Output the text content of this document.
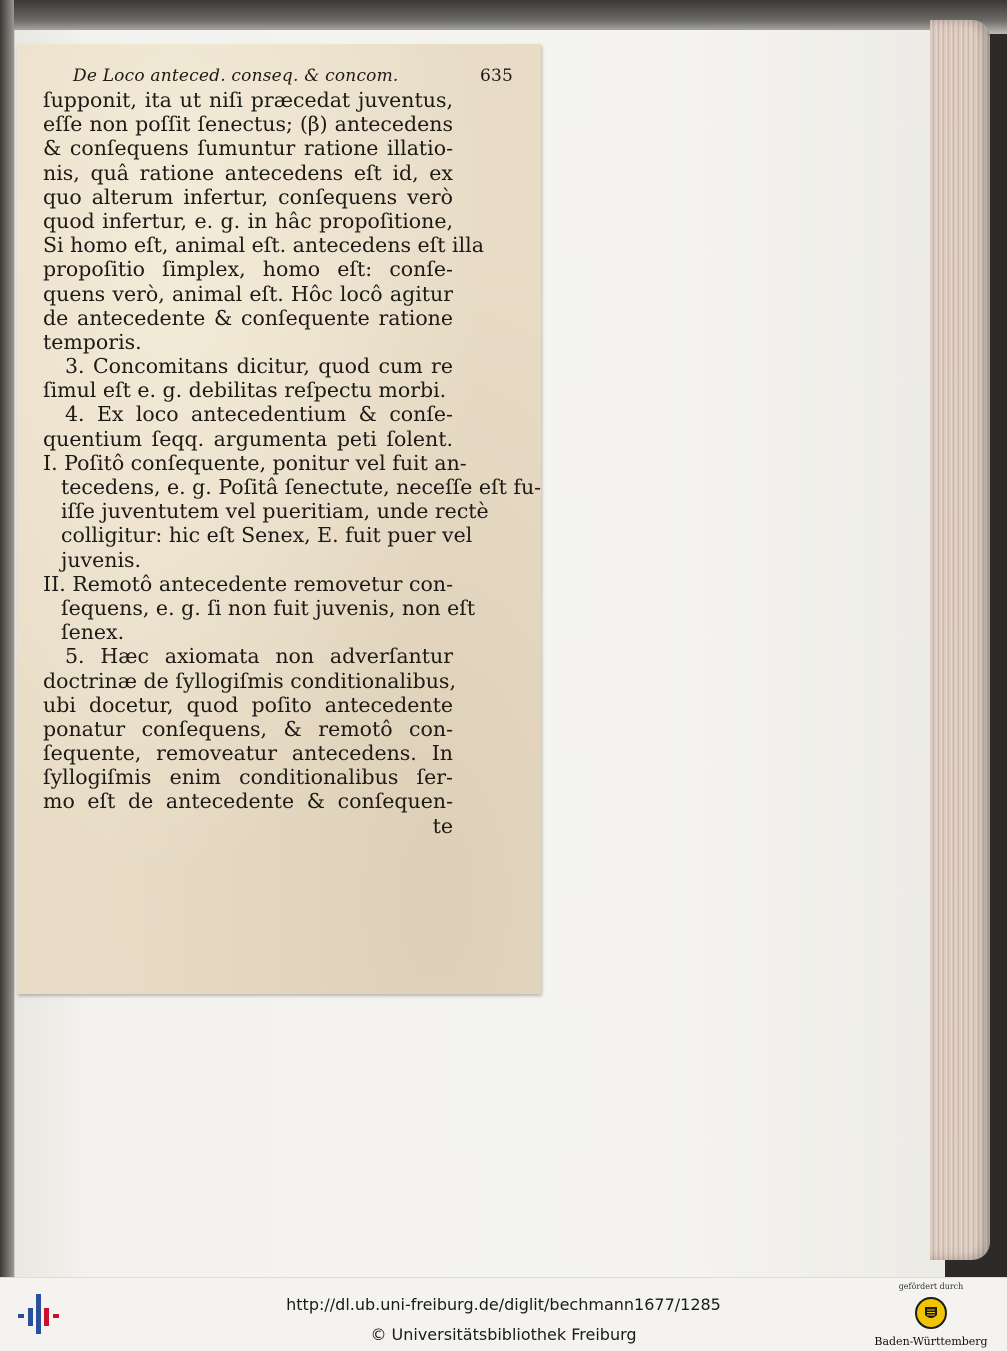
De Loco anteced. conseq. & concom.	635
ſupponit, ita ut niſi præcedat juventus,
eſſe non poſſit ſenectus; (β) antecedens
& conſequens ſumuntur ratione illatio-
nis, quâ ratione antecedens eſt id, ex
quo alterum infertur, conſequens verò
quod infertur, e. g. in hâc propoſitione,
Si homo eſt, animal eſt. antecedens eſt illa
propoſitio ſimplex, homo eſt: conſe-
quens verò, animal eſt. Hôc locô agitur
de antecedente & conſequente ratione
temporis.
3. Concomitans dicitur, quod cum re
ſimul eſt e. g. debilitas reſpectu morbi.
4. Ex loco antecedentium & conſe-
quentium ſeqq. argumenta peti ſolent.
I. Poſitô conſequente, ponitur vel fuit an-
tecedens, e. g. Poſitâ ſenectute, neceſſe eſt fu-
iſſe juventutem vel pueritiam, unde rectè
colligitur: hic eſt Senex, E. fuit puer vel
juvenis.
II. Remotô antecedente removetur con-
ſequens, e. g. ſi non fuit juvenis, non eſt
ſenex.
5. Hæc axiomata non adverſantur
doctrinæ de ſyllogiſmis conditionalibus,
ubi docetur, quod poſito antecedente
ponatur conſequens, & remotô con-
ſequente, removeatur antecedens. In
ſyllogiſmis enim conditionalibus ſer-
mo eſt de antecedente & conſequen-
te
http://dl.ub.uni-freiburg.de/diglit/bechmann1677/1285
© Universitätsbibliothek Freiburg
gefördert durch
Baden-Württemberg
